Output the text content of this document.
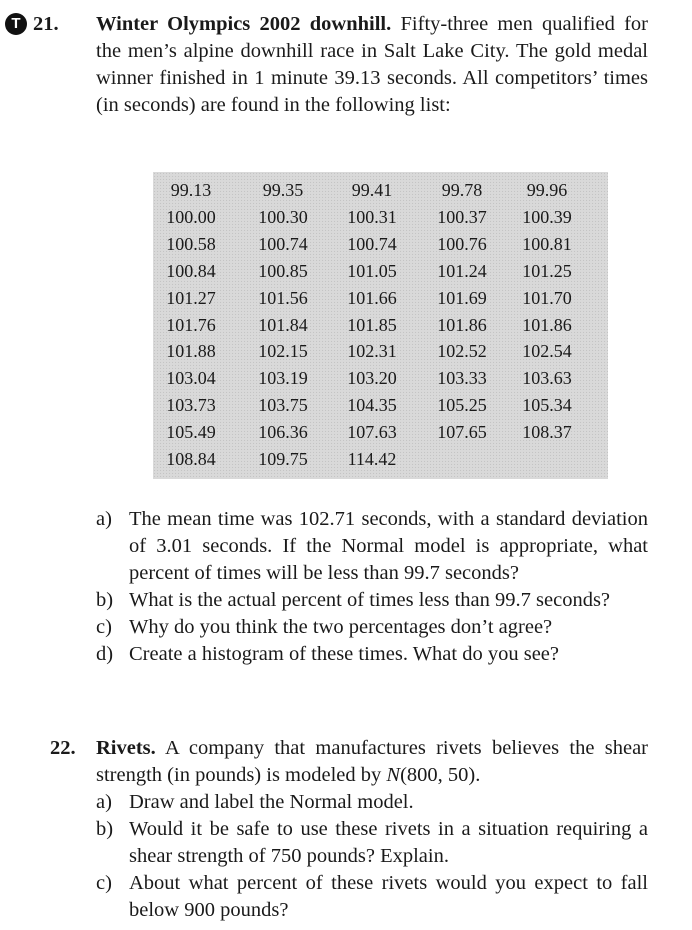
T 21. Winter Olympics 2002 downhill. Fifty-three men qualified for the men’s alpine downhill race in Salt Lake City. The gold medal winner finished in 1 minute 39.13 seconds. All competitors’ times (in seconds) are found in the following list:
99.13	99.35	99.41	99.78	99.96
100.00	100.30	100.31	100.37	100.39
100.58	100.74	100.74	100.76	100.81
100.84	100.85	101.05	101.24	101.25
101.27	101.56	101.66	101.69	101.70
101.76	101.84	101.85	101.86	101.86
101.88	102.15	102.31	102.52	102.54
103.04	103.19	103.20	103.33	103.63
103.73	103.75	104.35	105.25	105.34
105.49	106.36	107.63	107.65	108.37
108.84	109.75	114.42
a) The mean time was 102.71 seconds, with a standard deviation of 3.01 seconds. If the Normal model is appropriate, what percent of times will be less than 99.7 seconds?
b) What is the actual percent of times less than 99.7 seconds?
c) Why do you think the two percentages don’t agree?
d) Create a histogram of these times. What do you see?
22. Rivets. A company that manufactures rivets believes the shear strength (in pounds) is modeled by N(800, 50).
a) Draw and label the Normal model.
b) Would it be safe to use these rivets in a situation requiring a shear strength of 750 pounds? Explain.
c) About what percent of these rivets would you expect to fall below 900 pounds?
